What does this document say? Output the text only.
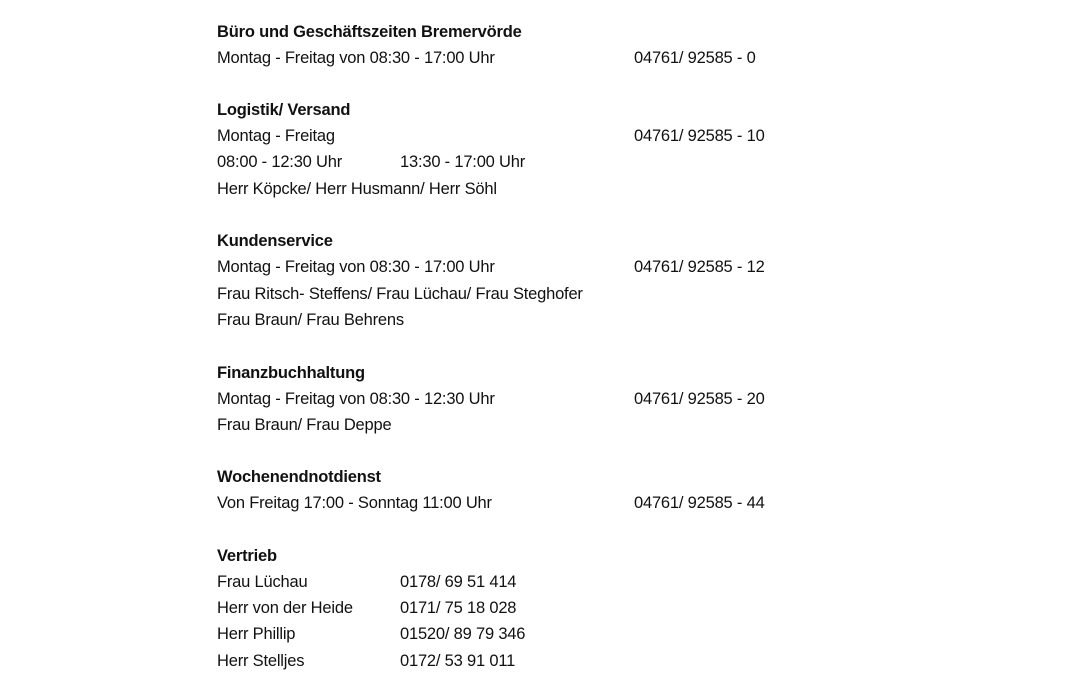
Büro und Geschäftszeiten Bremervörde
Montag - Freitag von 08:30 - 17:00 Uhr	04761/ 92585 - 0
Logistik/ Versand
Montag - Freitag	04761/ 92585 - 10
08:00 - 12:30 Uhr	13:30 - 17:00 Uhr
Herr Köpcke/ Herr Husmann/ Herr Söhl
Kundenservice
Montag - Freitag von 08:30 - 17:00 Uhr	04761/ 92585 - 12
Frau Ritsch- Steffens/ Frau Lüchau/ Frau Steghofer
Frau Braun/ Frau Behrens
Finanzbuchhaltung
Montag - Freitag von 08:30 - 12:30 Uhr	04761/ 92585 - 20
Frau Braun/ Frau Deppe
Wochenendnotdienst
Von Freitag 17:00 - Sonntag 11:00 Uhr	04761/ 92585 - 44
Vertrieb
Frau Lüchau	0178/ 69 51 414
Herr von der Heide	0171/ 75 18 028
Herr Phillip	01520/ 89 79 346
Herr Stelljes	0172/ 53 91 011
